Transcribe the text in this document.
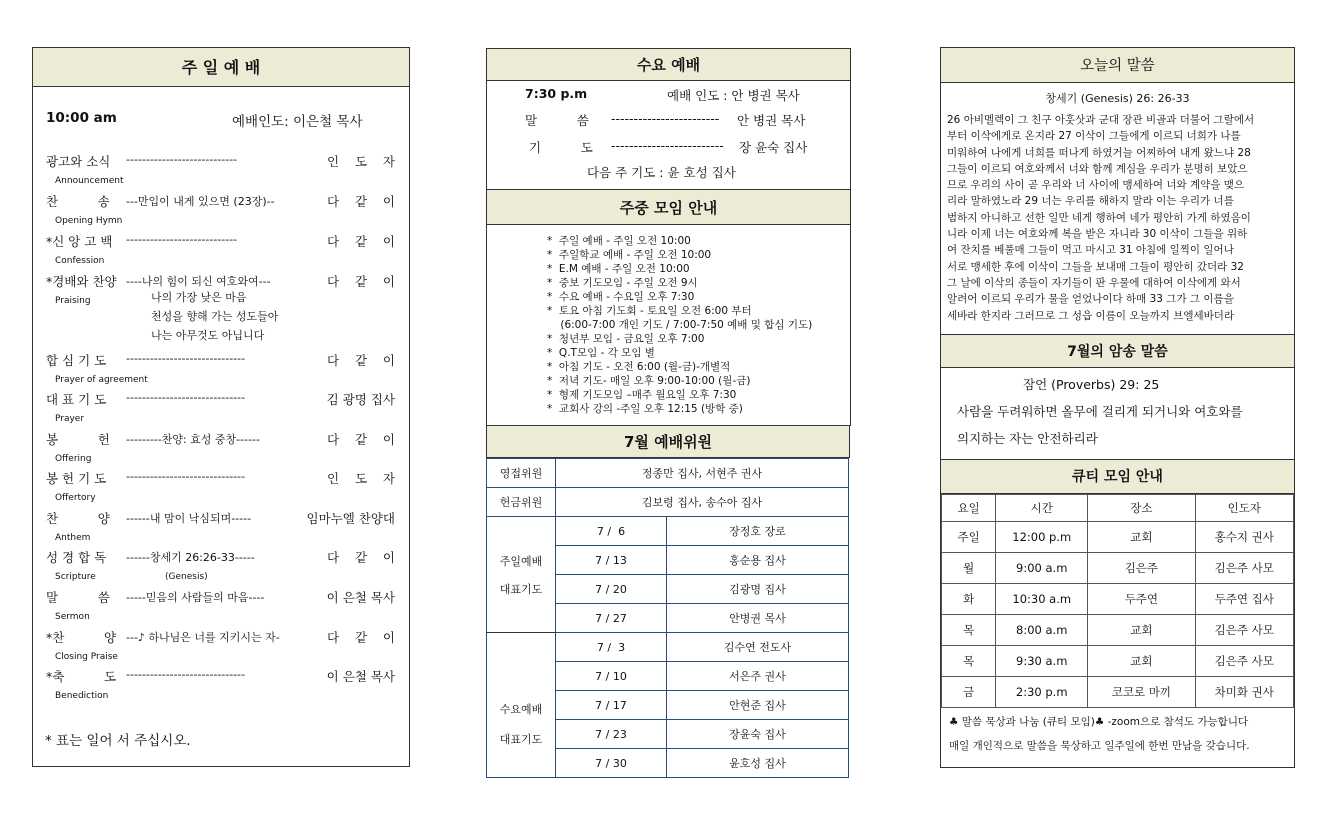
주 일 예 배
10:00 am	예배인도: 이은철 목사
광고와 소식 ----------------------------	인    도    자
Announcement
찬          송 ---만입이 내게 있으면 (23장)--	다    같    이
Opening Hymn
*신 앙 고 백 ----------------------------	다    같    이
Confession
*경배와 찬양 ----나의 힘이 되신 여호와여---	다    같    이
Praising	나의 가장 낮은 마음
천성을 향해 가는 성도들아
나는 아무것도 아닙니다
합 심 기 도 ------------------------------	다    같    이
Prayer of agreement
대 표 기 도 ------------------------------	김 광명 집사
Prayer
봉          헌 ---------찬양: 효성 중창------	다    같    이
Offering
봉 헌 기 도 ------------------------------	인    도    자
Offertory
찬          양 ------내 맘이 낙심되며-----	임마누엘 찬양대
Anthem
성 경 합 독 ------창세기 26:26-33-----	다    같    이
Scripture	(Genesis)
말          씀 -----믿음의 사람들의 마음----	이 은철 목사
Sermon
*찬          양 ---♪ 하나님은 너를 지키시는 자-	다    같    이
Closing Praise
*축          도 ------------------------------	이 은철 목사
Benediction
* 표는 일어 서 주십시오.
수요 예배
7:30 p.m	예배 인도 : 안 병권 목사
말          씀 ------------------------ 안 병권 목사
기          도 ------------------------- 장 윤숙 집사
다음 주 기도 : 윤 호성 집사
주중 모임 안내
*  주일 예배 - 주일 오전 10:00
*  주일학교 예배 - 주일 오전 10:00
*  E.M 예배 - 주일 오전 10:00
*  중보 기도모임 - 주일 오전 9시
*  수요 예배 - 수요일 오후 7:30
*  토요 아침 기도회 - 토요일 오전 6:00 부터
(6:00-7:00 개인 기도 / 7:00-7:50 예배 및 합심 기도)
*  청년부 모임 - 금요일 오후 7:00
*  Q.T모임 - 각 모임 별
*  아침 기도 - 오전 6:00 (월-금)-개별적
*  저녁 기도- 매일 오후 9:00-10:00 (월-금)
*  형제 기도모임 –매주 월요일 오후 7:30
*  교회사 강의 -주일 오후 12:15 (방학 중)
7월 예배위원
영접위원	정종만 집사, 서현주 권사	
헌금위원	김보령 집사, 송수아 집사	

주일예배
대표기도	7 /  6	장정호 장로
	7 / 13	홍순용 집사
	7 / 20	김광명 집사
	7 / 27	안병권 목사

수요예배
대표기도	7 /  3	김수연 전도사
	7 / 10	서은주 권사
	7 / 17	안현준 집사
	7 / 23	장윤숙 집사
	7 / 30	윤호성 집사
오늘의 말씀
창세기 (Genesis) 26: 26-33
26 아비멜렉이 그 친구 아훗삿과 군대 장관 비골과 더불어 그랄에서
부터 이삭에게로 온지라 27 이삭이 그들에게 이르되 너희가 나를
미워하여 나에게 너희를 떠나게 하였거늘 어찌하여 내게 왔느냐 28
그들이 이르되 여호와께서 너와 함께 계심을 우리가 분명히 보았으
므로 우리의 사이 곧 우리와 너 사이에 맹세하여 너와 계약을 맺으
리라 말하였노라 29 너는 우리를 해하지 말라 이는 우리가 너를
범하지 아니하고 선한 일만 네게 행하여 네가 평안히 가게 하였음이
니라 이제 너는 여호와께 복을 받은 자니라 30 이삭이 그들을 위하
여 잔치를 베풀매 그들이 먹고 마시고 31 아침에 일찍이 일어나
서로 맹세한 후에 이삭이 그들을 보내매 그들이 평안히 갔더라 32
그 날에 이삭의 종들이 자기들이 판 우물에 대하여 이삭에게 와서
알려어 이르되 우리가 물을 얻었나이다 하매 33 그가 그 이름을
세바라 한지라 그러므로 그 성읍 이름이 오늘까지 브엘세바더라
7월의 암송 말씀
잠언 (Proverbs) 29: 25
사람을 두려워하면 올무에 걸리게 되거니와 여호와를
의지하는 자는 안전하리라
큐티 모임 안내
요일	시간	장소	인도자
주일	12:00 p.m	교회	홍수지 권사
월	9:00 a.m	김은주	김은주 사모
화	10:30 a.m	두주연	두주연 집사
목	8:00 a.m	교회	김은주 사모
목	9:30 a.m	교회	김은주 사모
금	2:30 p.m	코코로 마끼	차미화 권사
♣ 말씀 묵상과 나눔 (큐티 모임)♣ -zoom으로 참석도 가능합니다
매일 개인적으로 말씀을 묵상하고 일주일에 한번 만남을 갖습니다.
